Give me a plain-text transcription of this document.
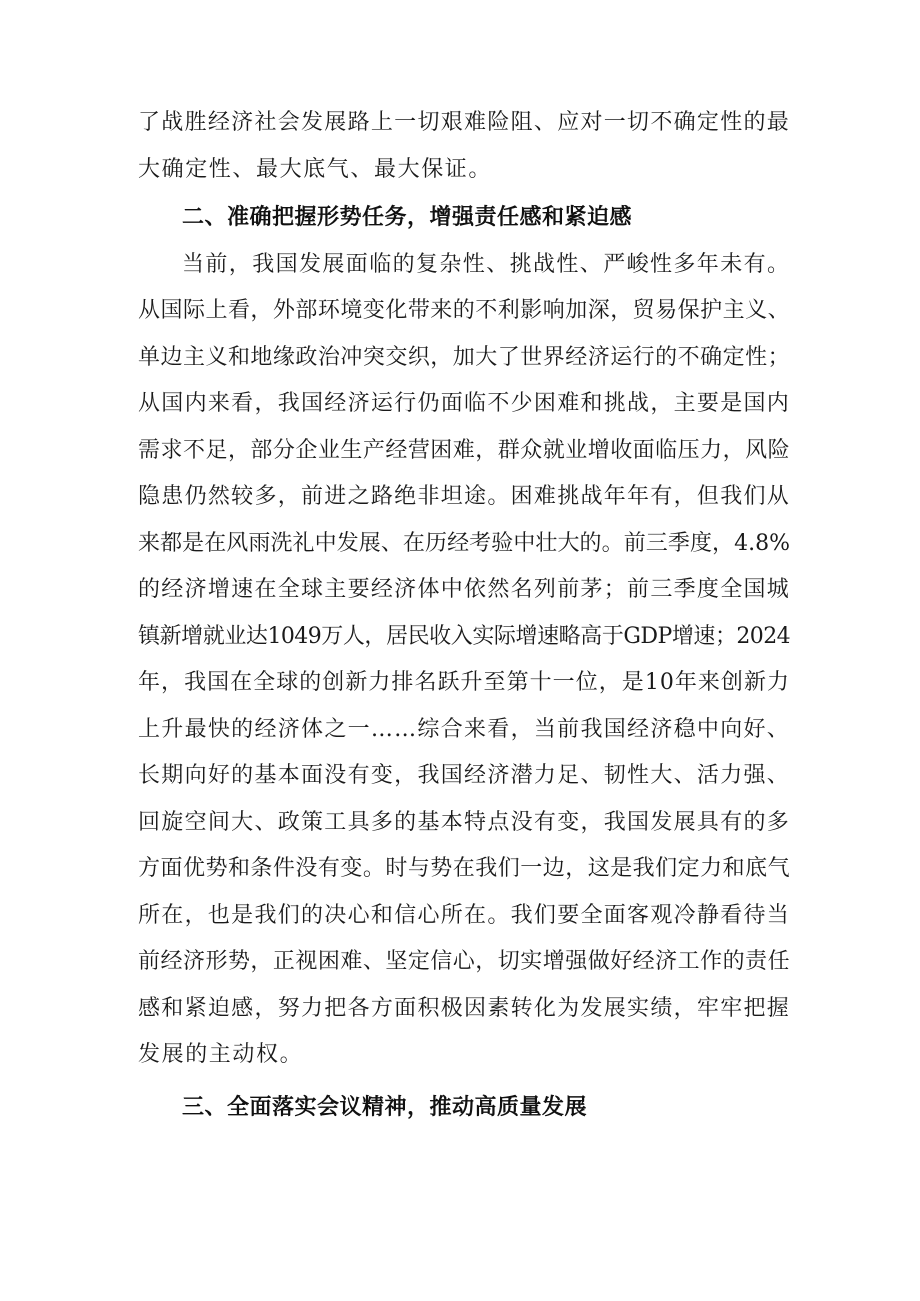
了战胜经济社会发展路上一切艰难险阻、应对一切不确定性的最
大确定性、最大底气、最大保证。
二、准确把握形势任务，增强责任感和紧迫感
当前，我国发展面临的复杂性、挑战性、严峻性多年未有。
从国际上看，外部环境变化带来的不利影响加深，贸易保护主义、
单边主义和地缘政治冲突交织，加大了世界经济运行的不确定性；
从国内来看，我国经济运行仍面临不少困难和挑战，主要是国内
需求不足，部分企业生产经营困难，群众就业增收面临压力，风险
隐患仍然较多，前进之路绝非坦途。困难挑战年年有，但我们从
来都是在风雨洗礼中发展、在历经考验中壮大的。前三季度，4.8%
的经济增速在全球主要经济体中依然名列前茅；前三季度全国城
镇新增就业达1049万人，居民收入实际增速略高于GDP增速；2024
年，我国在全球的创新力排名跃升至第十一位，是10年来创新力
上升最快的经济体之一……综合来看，当前我国经济稳中向好、
长期向好的基本面没有变，我国经济潜力足、韧性大、活力强、
回旋空间大、政策工具多的基本特点没有变，我国发展具有的多
方面优势和条件没有变。时与势在我们一边，这是我们定力和底气
所在，也是我们的决心和信心所在。我们要全面客观冷静看待当
前经济形势，正视困难、坚定信心，切实增强做好经济工作的责任
感和紧迫感，努力把各方面积极因素转化为发展实绩，牢牢把握
发展的主动权。
三、全面落实会议精神，推动高质量发展
